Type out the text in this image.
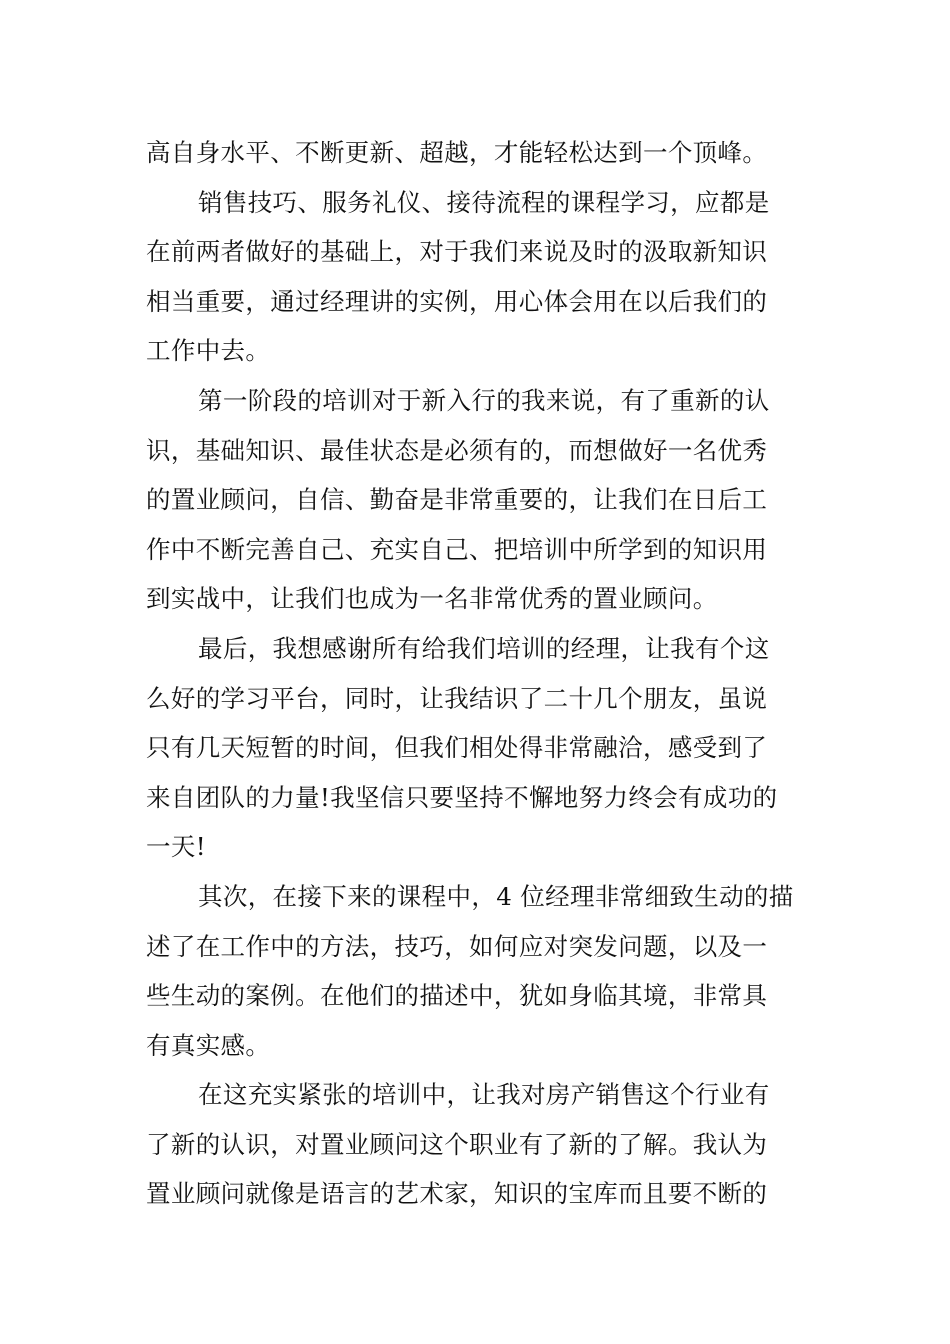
高自身水平、不断更新、超越，才能轻松达到一个顶峰。
销售技巧、服务礼仪、接待流程的课程学习，应都是
在前两者做好的基础上，对于我们来说及时的汲取新知识
相当重要，通过经理讲的实例，用心体会用在以后我们的
工作中去。
第一阶段的培训对于新入行的我来说，有了重新的认
识，基础知识、最佳状态是必须有的，而想做好一名优秀
的置业顾问，自信、勤奋是非常重要的，让我们在日后工
作中不断完善自己、充实自己、把培训中所学到的知识用
到实战中，让我们也成为一名非常优秀的置业顾问。
最后，我想感谢所有给我们培训的经理，让我有个这
么好的学习平台，同时，让我结识了二十几个朋友，虽说
只有几天短暂的时间，但我们相处得非常融洽，感受到了
来自团队的力量!我坚信只要坚持不懈地努力终会有成功的
一天!
其次，在接下来的课程中，4 位经理非常细致生动的描
述了在工作中的方法，技巧，如何应对突发问题，以及一
些生动的案例。在他们的描述中，犹如身临其境，非常具
有真实感。
在这充实紧张的培训中，让我对房产销售这个行业有
了新的认识，对置业顾问这个职业有了新的了解。我认为
置业顾问就像是语言的艺术家，知识的宝库而且要不断的
